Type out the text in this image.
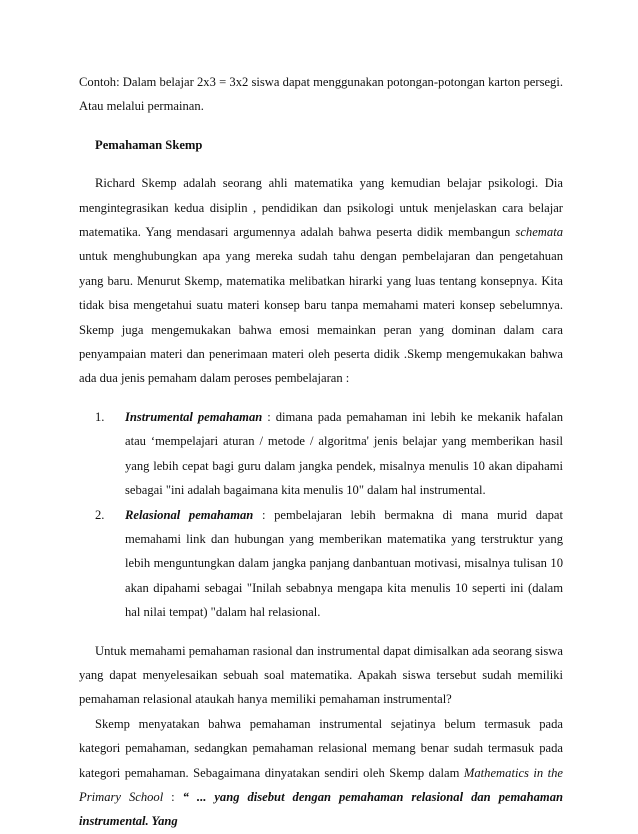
Contoh: Dalam belajar 2x3 = 3x2 siswa dapat menggunakan potongan-potongan karton persegi. Atau melalui permainan.

Pemahaman Skemp

Richard Skemp adalah seorang ahli matematika yang kemudian belajar psikologi. Dia mengintegrasikan kedua disiplin , pendidikan dan psikologi untuk menjelaskan cara belajar matematika. Yang mendasari argumennya adalah bahwa peserta didik membangun schemata untuk menghubungkan apa yang mereka sudah tahu dengan pembelajaran dan pengetahuan yang baru. Menurut Skemp, matematika melibatkan hirarki yang luas tentang konsepnya. Kita tidak bisa mengetahui suatu materi konsep baru tanpa memahami materi konsep sebelumnya. Skemp juga mengemukakan bahwa emosi memainkan peran yang dominan dalam cara penyampaian materi dan penerimaan materi oleh peserta didik .Skemp mengemukakan bahwa ada dua jenis pemaham dalam peroses pembelajaran :

1. Instrumental pemahaman : dimana pada pemahaman ini lebih ke mekanik hafalan atau ‘mempelajari aturan / metode / algoritma' jenis belajar yang memberikan hasil yang lebih cepat bagi guru dalam jangka pendek, misalnya menulis 10 akan dipahami sebagai "ini adalah bagaimana kita menulis 10" dalam hal instrumental.
2. Relasional pemahaman : pembelajaran lebih bermakna di mana murid dapat memahami link dan hubungan yang memberikan matematika yang terstruktur yang lebih menguntungkan dalam jangka panjang danbantuan motivasi, misalnya tulisan 10 akan dipahami sebagai "Inilah sebabnya mengapa kita menulis 10 seperti ini (dalam hal nilai tempat) "dalam hal relasional.

Untuk memahami pemahaman rasional dan instrumental dapat dimisalkan ada seorang siswa yang dapat menyelesaikan sebuah soal matematika. Apakah siswa tersebut sudah memiliki pemahaman relasional ataukah hanya memiliki pemahaman instrumental?

Skemp menyatakan bahwa pemahaman instrumental sejatinya belum termasuk pada kategori pemahaman, sedangkan pemahaman relasional memang benar sudah termasuk pada kategori pemahaman. Sebagaimana dinyatakan sendiri oleh Skemp dalam Mathematics in the Primary School : “ ... yang disebut dengan pemahaman relasional dan pemahaman instrumental. Yang
